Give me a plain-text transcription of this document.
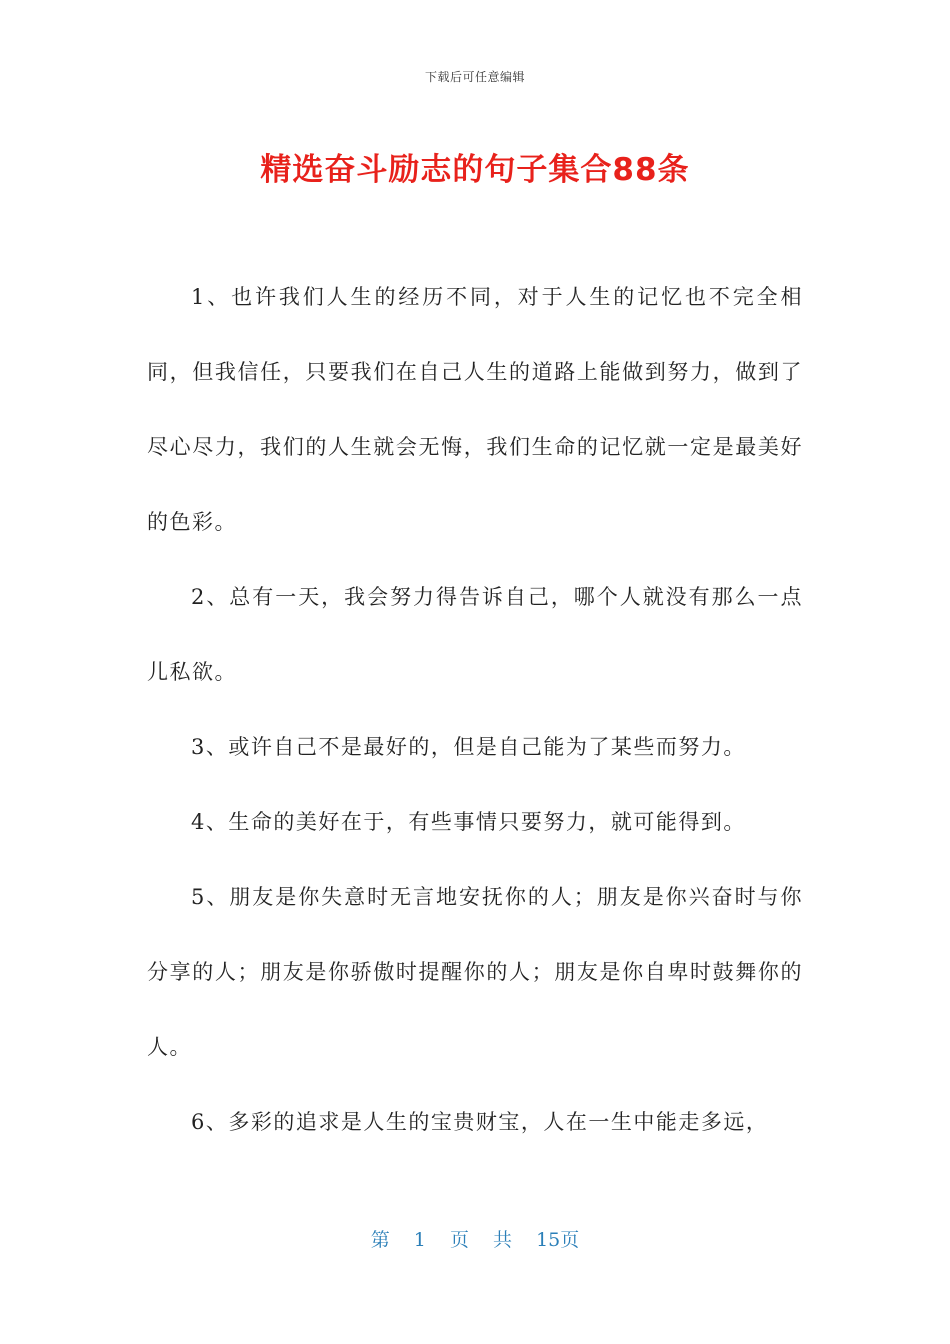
下载后可任意编辑
精选奋斗励志的句子集合88条

1、也许我们人生的经历不同，对于人生的记忆也不完全相同，但我信任，只要我们在自己人生的道路上能做到努力，做到了尽心尽力，我们的人生就会无悔，我们生命的记忆就一定是最美好的色彩。

2、总有一天，我会努力得告诉自己，哪个人就没有那么一点儿私欲。

3、或许自己不是最好的，但是自己能为了某些而努力。

4、生命的美好在于，有些事情只要努力，就可能得到。

5、朋友是你失意时无言地安抚你的人；朋友是你兴奋时与你分享的人；朋友是你骄傲时提醒你的人；朋友是你自卑时鼓舞你的人。

6、多彩的追求是人生的宝贵财宝，人在一生中能走多远，

第 1 页 共 15页
